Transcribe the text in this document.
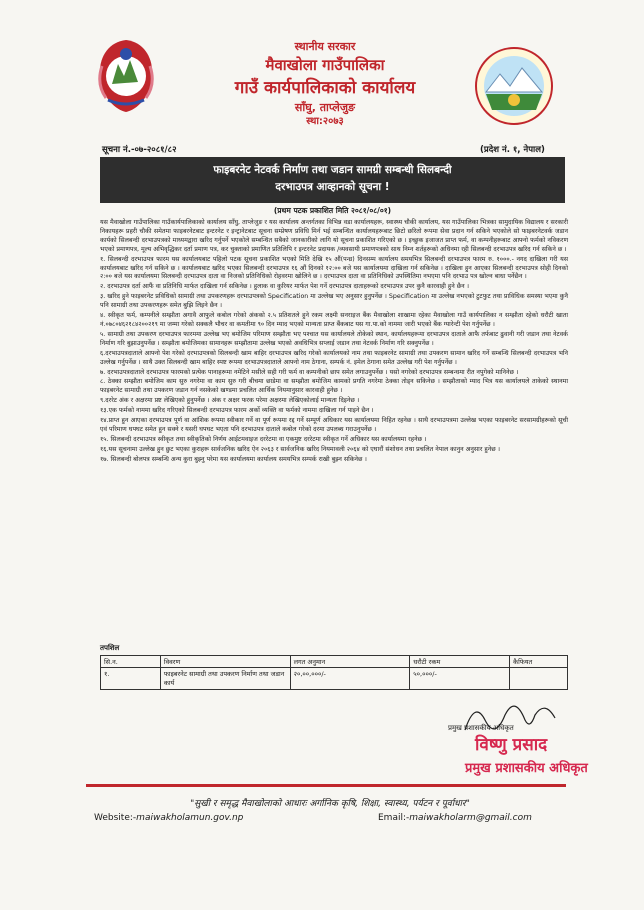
स्थानीय सरकार
मैवाखोला गाउँपालिका
गाउँ कार्यपालिकाको कार्यालय
साँघु, ताप्लेजुङ
स्था:२०७३
सूचना नं.-०७-२०८१/८२	(प्रदेश नं. १, नेपाल)
फाइबरनेट नेटवर्क निर्माण तथा जडान सामग्री सम्बन्धी सिलबन्दी
दरभाउपत्र आव्हानको सूचना !
(प्रथम पटक प्रकाशित मिति २०८१/०८/०१)

यस मैवाखोला गाउँपालिका गाउँकार्यपालिकाको कार्यालय साँघु, ताप्लेजुङ र यस कार्यालय अन्तर्गतका विभिन्न वडा कार्यालयहरू, स्वास्थ्य चौकी कार्यालय, यस गाउँपालिका भित्रका सामुदायिक विद्यालय र सरकारी निकायहरू प्रहरी चौकी समेतमा फाइबरनेटबाट इन्टरनेट र इन्ट्रानेटबाट सूचना सम्प्रेषण प्रविधि मिर्न भई सम्बन्धित कार्यालयहरूबाट छिटो छरितो रूपमा सेवा प्रदान गर्न सकिने भएकोले सो फाइबरनेटवर्क जडान कार्यको सिलबन्दी दरभाउपत्रको माध्यमद्वारा खरिद गर्नुपर्ने भएकोले सम्बन्धित सबैको जानकारीको लागि यो सूचना प्रकाशित गरिएको छ । इच्छुक इजाजत प्राप्त फर्म, वा कम्पनीहरूबाट आफ्नो फर्मको नविकरण भएको प्रमाणपत्र, मूल्य अभिवृद्धिकर दर्ता प्रमाण पत्र, कर चुक्ताको प्रमाणित प्रतिलिपि र इन्टरनेट प्रदायक /व्यवसायी प्रमाणपत्रको साथ निम्न शर्तहरूको अधिनमा रही सिलबन्दी दरभाउपत्र खरिद गर्न सकिने छ ।

१. सिलबन्दी दरभाउपत्र फारम यस कार्यालयबाट पहिलो पटक सूचना प्रकाशित भएको मिति देखि १५ औं(पन्ध्र) दिनसम्म कार्यालय समयभित्र सिलबन्दी दरभाउपत्र फारम रु. १०००.- नगद दाखिला गरी यस कार्यालयबाट खरिद गर्न सकिने छ । कार्यालयबाट खरिद भएका सिलबन्दी दरभाउपत्र १६ औं दिनको १२:०० बजे यस कार्यालयमा दाखिला गर्न सकिनेछ । दाखिला हुन आएका सिलबन्दी दरभाउपत्र सोही दिनको २:०० बजे यस कार्यालयमा सिलबन्दी दरभाउपत्र दाता वा निजको प्रतिनिधिको रोहवरमा खोलिने छ । दरभाउपत्र दाता वा प्रतिनिधिको उपस्थितिमा नभएमा पनि दरभाउ पत्र खोल्न बाधा पर्नेछैन ।

२. दरभाउपत्र दर्ता आफैं वा प्रतिनिधि मार्फत दाखिला गर्न सकिनेछ । हुलाक वा कुरियर मार्फत पेश गर्ने दरभाउपत्र दाताहरूको दरभाउपत्र उपर कुनै कारवाही हुने छैन ।

३. खरिद हुने फाइबरनेट प्रविधिको सामाग्री तथा उपकरणहरू दरभाउपत्रको Specification मा उल्लेख भए अनुसार हुनुपर्नेछ । Specification मा उल्लेख नभएको टुटफुट तथा प्राविधिक समस्या भएमा कुनै पनि सामाग्री तथा उपकरणहरू समेत बुझि लिइने छैन ।

४. स्वीकृत फर्म, कम्पनीले सम्झौता अगावै आफुले कबोल गरेको अंकको २.५ प्रतिशतले हुने रकम लक्ष्मी सनराइज बैंक मैवाखोला शाखामा रहेका मैवाखोला गाउँ कार्यपालिका न सम्झौता रहेको धरौटी खाता नं.०७८०४६२१८४२००२१९ मा जम्मा गरेको सक्कलै भौचर वा कमतीमा ९० दिन म्याद भएको मान्यता प्राप्त बैंकबाट यस गा.पा.को नाममा जारी भएको बैंक ग्यारेन्टी पेश गर्नुपर्नेछ ।

५. सामाग्री तथा उपकरण दरभाउपत्र फारममा उल्लेख भए बमोजिम परिमाण सम्झौता भए पश्चात यस कार्यालयले तोकेको स्थान, कार्यालयहरूमा दरभाउपत्र दाताले आफै तर्फबाट ढुवानी गरी जडान तथा नेटवर्क निर्माण गरि बुझाउनुपर्नेछ । सम्झौता बमोजिमका सामानहरू सम्झौतामा उल्लेख भएको अवधिभित्र सप्लाई जडान तथा नेटवर्क निर्माण गरि सक्नुपर्नेछ ।

६.दरभाउपत्रदाताले आफ्नो पेश गरेको दरभाउपत्रको सिलबन्दी खाम बाहिर दरभाउपत्र खरिद गरेको कार्यालयको नाम तथा फाइबरनेट सामाग्री तथा उपकरण सामान खरिद गर्ने सम्बन्धि सिलबन्दी दरभाउपत्र भनि उल्लेख गर्नुपर्नेछ । साथै उक्त सिलबन्दी खाम बाहिर स्पष्ट रूपमा दरभाउपत्रदाताले आफ्नो नाम ठेगाना, सम्पर्क नं. इमेल ठेगाना समेत उल्लेख गरी पेश गर्नुपर्नेछ ।

७. दरभाउपत्रदाताले दरभाउपत्र फारमको प्रत्येक पानाहरूमा नमेटिने मसीले सही गरी फर्म वा कम्पनीको छाप समेत लगाउनुपर्नेछ । यसो नगरेको दरभाउपत्र सम्बन्धमा रीत नपुगेको मानिनेछ ।

८. ठेक्का सम्झौता बमोजिम काम सुरु नगरेमा वा काम सुरु गरी बीचमा छाडेमा वा सम्झौता बमोजिम कामको प्रगति नगरेमा ठेक्का तोड्न सकिनेछ । सम्झौताको म्याद भित्र यस कार्यालयले ताकेको स्थानमा फाइबरनेट सामाग्री तथा उपकरण जडान गर्न नसकेको खण्डमा प्रचलित आर्थिक नियमानुसार कारवाही हुनेछ ।

९.दररेट अंक र अक्षरमा प्रष्ट लेखिएको हुनुपर्नेछ । अंक र अक्षर फरक परेमा अक्षरमा लेखिएकोलाई मान्यता दिइनेछ ।

१३.एक फर्मको नाममा खरिद गरिएको सिलबन्दी दरभाउपत्र फारम अर्को व्यक्ति वा फर्मको नाममा दाखिला गर्न पाइने छैन ।

१४.प्राप्त हुन आएका दरभाउपत्र पूर्ण वा आंशिक रूपमा स्वीकार गर्ने वा पूर्ण रूपमा रद्द गर्ने सम्पूर्ण अधिकार यस कार्यालयमा निहित रहनेछ । साथै दरभाउपत्रमा उल्लेख भएका फाइबरनेट सरसामग्रीहरूको सूची एवं परिमाण घपघट समेत हुन सक्ने र यसरी घपघट भएता पनि दरभाउपत्र दाताले कबोल गरेको दरमा उपलब्ध गराउनुपर्नेछ ।

१५. सिलबन्दी दरभाउपत्र स्वीकृत तथा स्वीकृतिको निर्णय आईटमवाइज दररेटमा वा एकमुष्ट दररेटमा स्वीकृत गर्ने अधिकार यस कार्यालयमा रहनेछ ।

१६.यस सूचनामा उल्लेख हुन छुट भएका कुराहरू सार्वजनिक खरिद ऐन २०६३ र सार्वजनिक खरिद नियमावली २०६४ को एघारौं संशोधन तथा प्रचलित नेपाल कानुन अनुसार हुनेछ ।

१७. सिलबन्दी बोलपत्र सम्बन्धि अन्य कुरा बुझ्नु परेमा यस कार्यालयमा कार्यालय समयभित्र सम्पर्क राखी बुझ्न सकिनेछ ।

तपशिल
सि.न.	विवरण	लगत अनुमान	धरौटी रकम	कैफियत
१.	फाइबरनेट सामाग्री तथा उपकरण निर्माण तथा जडान कार्य	२०,००,०००/-	५०,०००/-	
प्रमुख प्रशासकीय अधिकृत
विष्णु प्रसाद
प्रमुख प्रशासकीय अधिकृत
"सुखी र समृद्ध मैवाखोलाको आधारः अर्गानिक कृषि, शिक्षा, स्वास्थ्य, पर्यटन र पूर्वाधार"
Website:-maiwakholamun.gov.np	Email:-maiwakholarm@gmail.com
